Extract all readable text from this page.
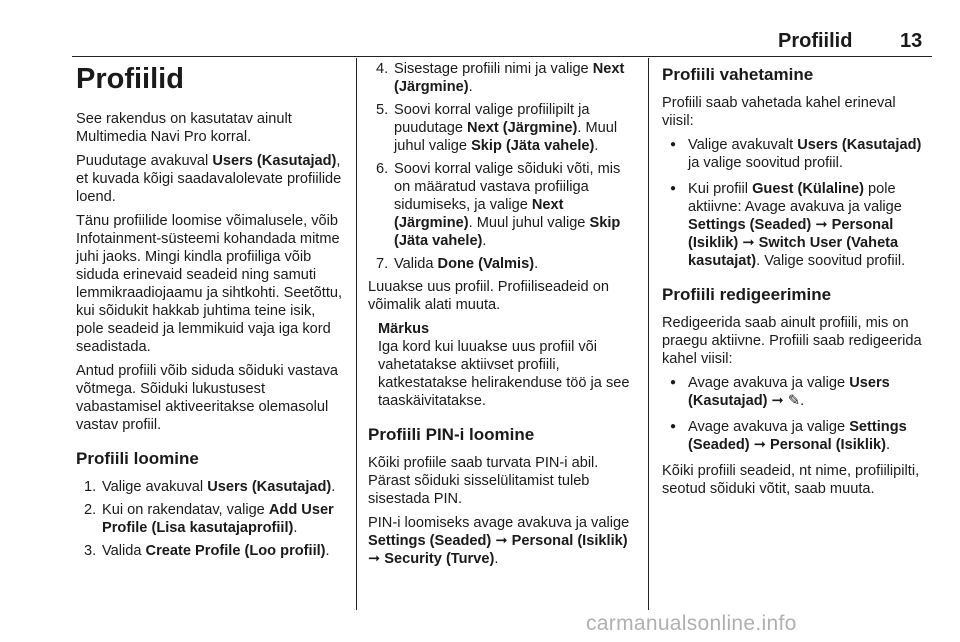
Profiilid 13
Profiilid

See rakendus on kasutatav ainult Multimedia Navi Pro korral.

Puudutage avakuval Users (Kasutajad), et kuvada kõigi saadavalolevate profiilide loend.

Tänu profiilide loomise võimalusele, võib Infotainment-süsteemi kohandada mitme juhi jaoks. Mingi kindla profiiliga võib siduda erinevaid seadeid ning samuti lemmikraadiojaamu ja sihtkohti. Seetõttu, kui sõidukit hakkab juhtima teine isik, pole seadeid ja lemmikuid vaja iga kord seadistada.

Antud profiili võib siduda sõiduki vastava võtmega. Sõiduki lukustusest vabastamisel aktiveeritakse olemasolul vastav profiil.

Profiili loomine
1. Valige avakuval Users (Kasutajad).
2. Kui on rakendatav, valige Add User Profile (Lisa kasutajaprofiil).
3. Valida Create Profile (Loo profiil).
4. Sisestage profiili nimi ja valige Next (Järgmine).
5. Soovi korral valige profiilipilt ja puudutage Next (Järgmine). Muul juhul valige Skip (Jäta vahele).
6. Soovi korral valige sõiduki võti, mis on määratud vastava profiiliga sidumiseks, ja valige Next (Järgmine). Muul juhul valige Skip (Jäta vahele).
7. Valida Done (Valmis).

Luuakse uus profiil. Profiiliseadeid on võimalik alati muuta.

Märkus
Iga kord kui luuakse uus profiil või vahetatakse aktiivset profiili, katkestatakse helirakenduse töö ja see taaskäivitatakse.
Profiili PIN-i loomine

Kõiki profiile saab turvata PIN-i abil. Pärast sõiduki sisselülitamist tuleb sisestada PIN.

PIN-i loomiseks avage avakuva ja valige Settings (Seaded) ➞ Personal (Isiklik) ➞ Security (Turve).

Profiili vahetamine

Profiili saab vahetada kahel erineval viisil:

● Valige avakuvalt Users (Kasutajad) ja valige soovitud profiil.
● Kui profiil Guest (Külaline) pole aktiivne: Avage avakuva ja valige Settings (Seaded) ➞ Personal (Isiklik) ➞ Switch User (Vaheta kasutajat). Valige soovitud profiil.
Profiili redigeerimine

Redigeerida saab ainult profiili, mis on praegu aktiivne. Profiili saab redigeerida kahel viisil:

● Avage avakuva ja valige Users (Kasutajad) ➞ ✎.
● Avage avakuva ja valige Settings (Seaded) ➞ Personal (Isiklik).

Kõiki profiili seadeid, nt nime, profiilipilti, seotud sõiduki võtit, saab muuta.

carmanualsonline.info
